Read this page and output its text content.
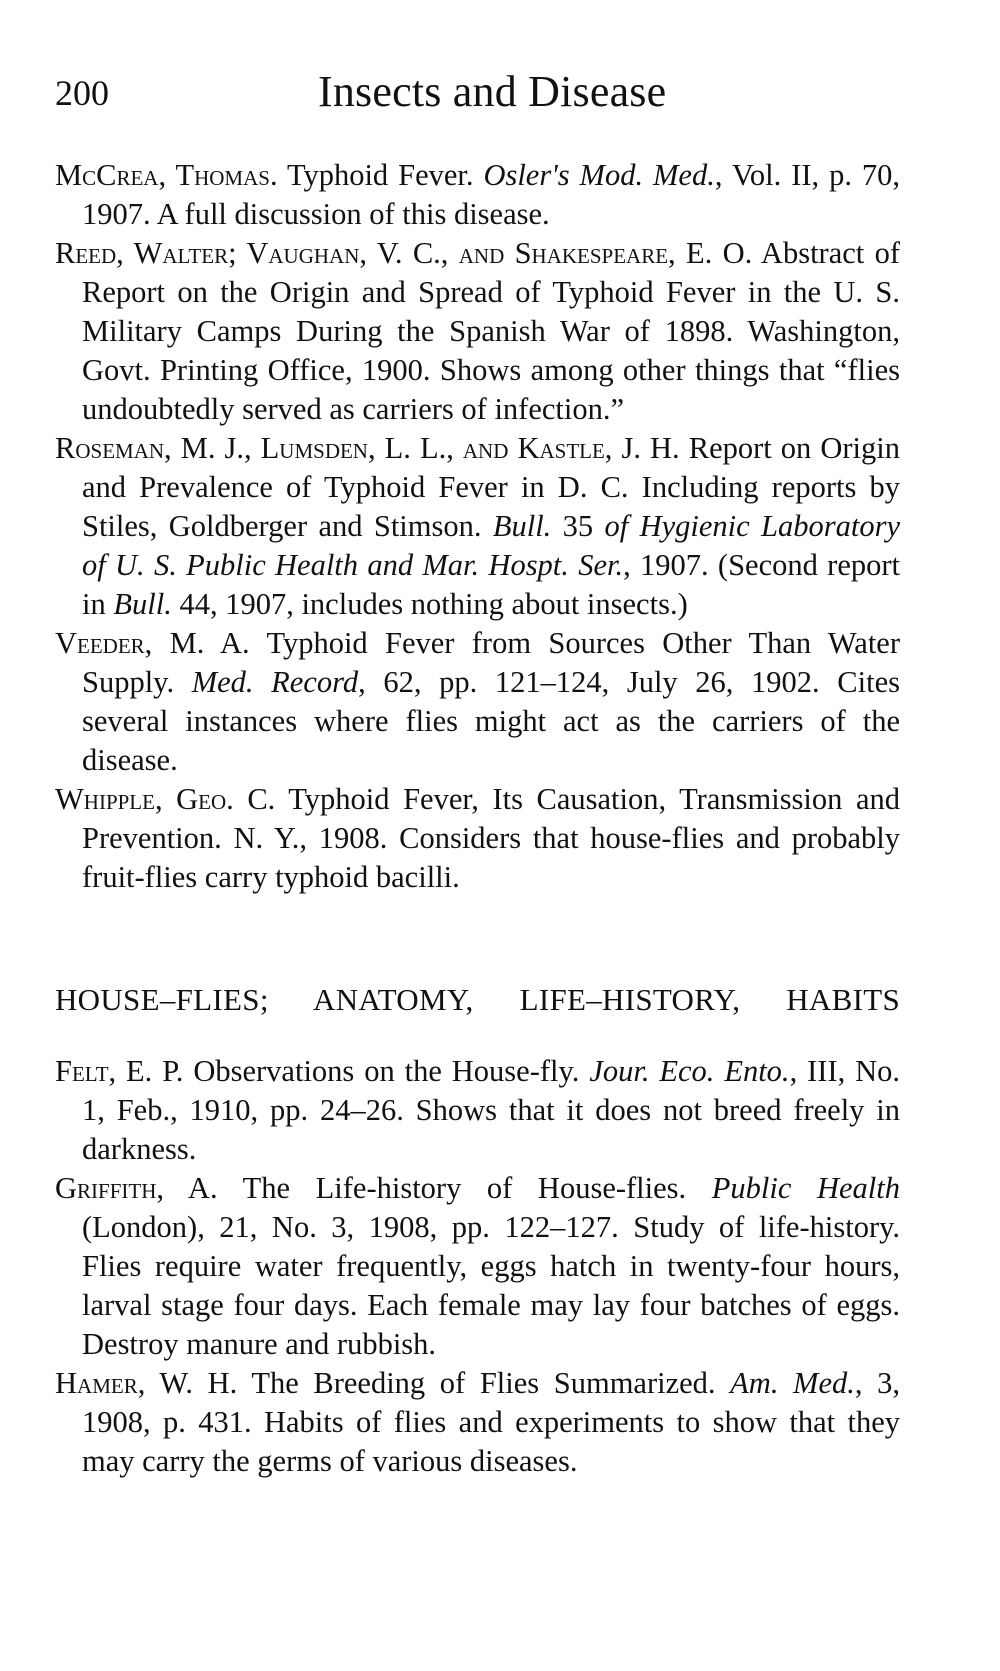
200	Insects and Disease

McCrea, Thomas. Typhoid Fever. Osler's Mod. Med., Vol. II, p. 70, 1907. A full discussion of this disease.

Reed, Walter; Vaughan, V. C., and Shakespeare, E. O. Abstract of Report on the Origin and Spread of Typhoid Fever in the U. S. Military Camps During the Spanish War of 1898. Washington, Govt. Printing Office, 1900. Shows among other things that “flies undoubtedly served as carriers of infection.”

Roseman, M. J., Lumsden, L. L., and Kastle, J. H. Report on Origin and Prevalence of Typhoid Fever in D. C. Including reports by Stiles, Goldberger and Stimson. Bull. 35 of Hygienic Laboratory of U. S. Public Health and Mar. Hospt. Ser., 1907. (Second report in Bull. 44, 1907, includes nothing about insects.)

Veeder, M. A. Typhoid Fever from Sources Other Than Water Supply. Med. Record, 62, pp. 121–124, July 26, 1902. Cites several instances where flies might act as the carriers of the disease.

Whipple, Geo. C. Typhoid Fever, Its Causation, Transmission and Prevention. N. Y., 1908. Considers that house-flies and probably fruit-flies carry typhoid bacilli.

HOUSE–FLIES; ANATOMY, LIFE–HISTORY, HABITS

Felt, E. P. Observations on the House-fly. Jour. Eco. Ento., III, No. 1, Feb., 1910, pp. 24–26. Shows that it does not breed freely in darkness.

Griffith, A. The Life-history of House-flies. Public Health (London), 21, No. 3, 1908, pp. 122–127. Study of life-history. Flies require water frequently, eggs hatch in twenty-four hours, larval stage four days. Each female may lay four batches of eggs. Destroy manure and rubbish.

Hamer, W. H. The Breeding of Flies Summarized. Am. Med., 3, 1908, p. 431. Habits of flies and experiments to show that they may carry the germs of various diseases.
